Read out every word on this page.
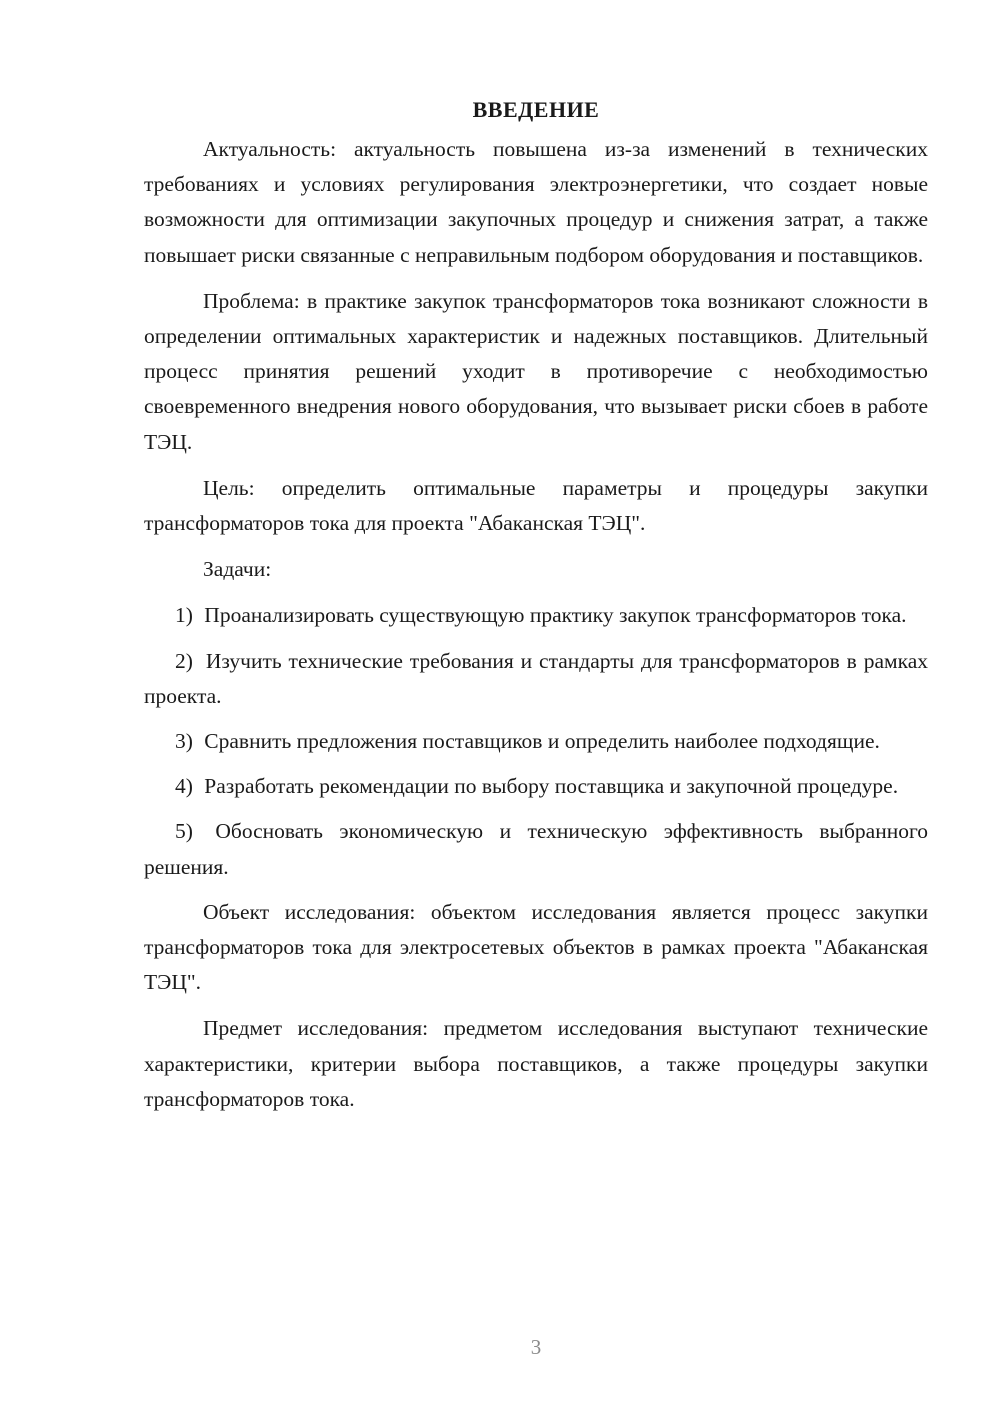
ВВЕДЕНИЕ

Актуальность: актуальность повышена из-за изменений в технических требованиях и условиях регулирования электроэнергетики, что создает новые возможности для оптимизации закупочных процедур и снижения затрат, а также повышает риски связанные с неправильным подбором оборудования и поставщиков.

Проблема: в практике закупок трансформаторов тока возникают сложности в определении оптимальных характеристик и надежных поставщиков. Длительный процесс принятия решений уходит в противоречие с необходимостью своевременного внедрения нового оборудования, что вызывает риски сбоев в работе ТЭЦ.

Цель: определить оптимальные параметры и процедуры закупки трансформаторов тока для проекта "Абаканская ТЭЦ".

Задачи:

1) Проанализировать существующую практику закупок трансформаторов тока.

2) Изучить технические требования и стандарты для трансформаторов в рамках проекта.

3) Сравнить предложения поставщиков и определить наиболее подходящие.

4) Разработать рекомендации по выбору поставщика и закупочной процедуре.

5) Обосновать экономическую и техническую эффективность выбранного решения.

Объект исследования: объектом исследования является процесс закупки трансформаторов тока для электросетевых объектов в рамках проекта "Абаканская ТЭЦ".

Предмет исследования: предметом исследования выступают технические характеристики, критерии выбора поставщиков, а также процедуры закупки трансформаторов тока.

3
